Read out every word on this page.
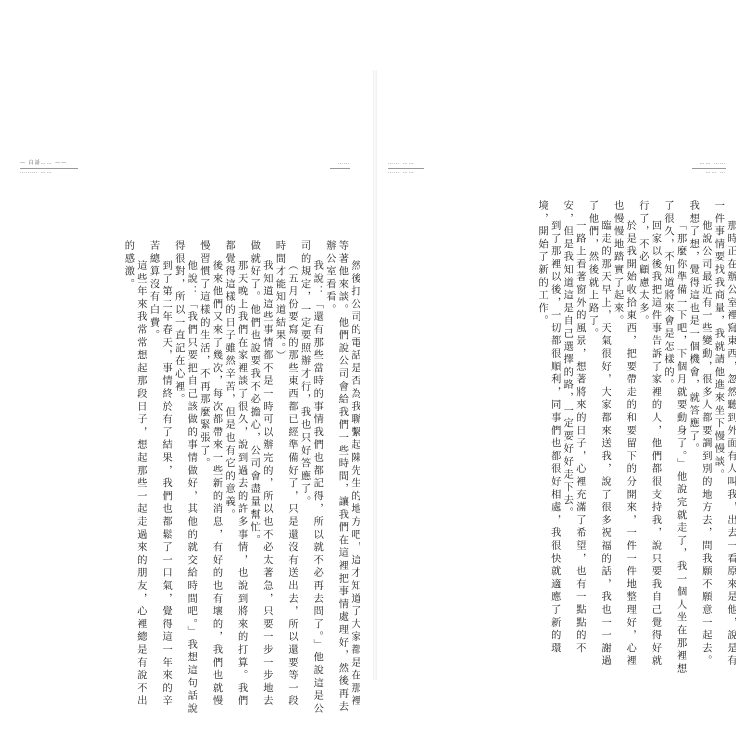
— 白話…… ——
……… ……
……

然後打公司的電話是否為我聯繫起陳先生的地方吧，這才知道了大家都是在那裡等著他來談。他們說公司會給我們一些時間，讓我們在這裡把事情處理好，然後再去辦公室看看。

我說：「還有那些當時的事情我們也都記得，所以就不必再去問了。」他說這是公司的規定，一定要照辦才行，我也只好答應了。

（五月份要寫的那些東西都已經準備好了，只是還沒有送出去，所以還要等一段時間才能知道結果。）

我知道這些事情都不是一時可以辦完的，所以也不必太著急，只要一步一步地去做就好了。他們也說要我不必擔心，公司會盡量幫忙。

那天晚上我們在家裡談了很久，說到過去的許多事情，也說到將來的打算。我們都覺得這樣的日子雖然辛苦，但是也有它的意義。

後來他們又來了幾次，每次都帶來一些新的消息，有好的也有壞的，我們也就慢慢習慣了這樣的生活，不再那麼緊張了。

他說：「我們只要把自己該做的事情做好，其他的就交給時間吧。」我想這句話說得很對，所以一直記在心裡。

到了第二年春天，事情終於有了結果，我們也都鬆了一口氣，覺得這一年來的辛苦總算沒有白費。

這些年來我常常想起那段日子，想起那些一起走過來的朋友，心裡總是有說不出的感激。

…… ……
…… ……
…… ……
…… …

那時正在辦公室裡寫東西，忽然聽到外面有人叫我，出去一看原來是他，說是有一件事情要找我商量，我就請他進來坐下慢慢談。

他說公司最近有一些變動，很多人都要調到別的地方去，問我願不願意一起去。我想了想，覺得這也是一個機會，就答應了。

「那麼你準備一下吧，下個月就要動身了。」他說完就走了，我一個人坐在那裡想了很久，不知道將來會是怎樣的。

回家以後我把這件事告訴了家裡的人，他們都很支持我，說只要我自己覺得好就行了，不必顧慮太多。

於是我開始收拾東西，把要帶走的和要留下的分開來，一件一件地整理好，心裡也慢慢地踏實了起來。

臨走的那天早上，天氣很好，大家都來送我，說了很多祝福的話，我也一一謝過了他們，然後就上路了。

一路上看著窗外的風景，想著將來的日子，心裡充滿了希望，也有一點點的不安，但是我知道這是自己選擇的路，一定要好好走下去。

到了那裡以後，一切都很順利，同事們也都很好相處，我很快就適應了新的環境，開始了新的工作。
